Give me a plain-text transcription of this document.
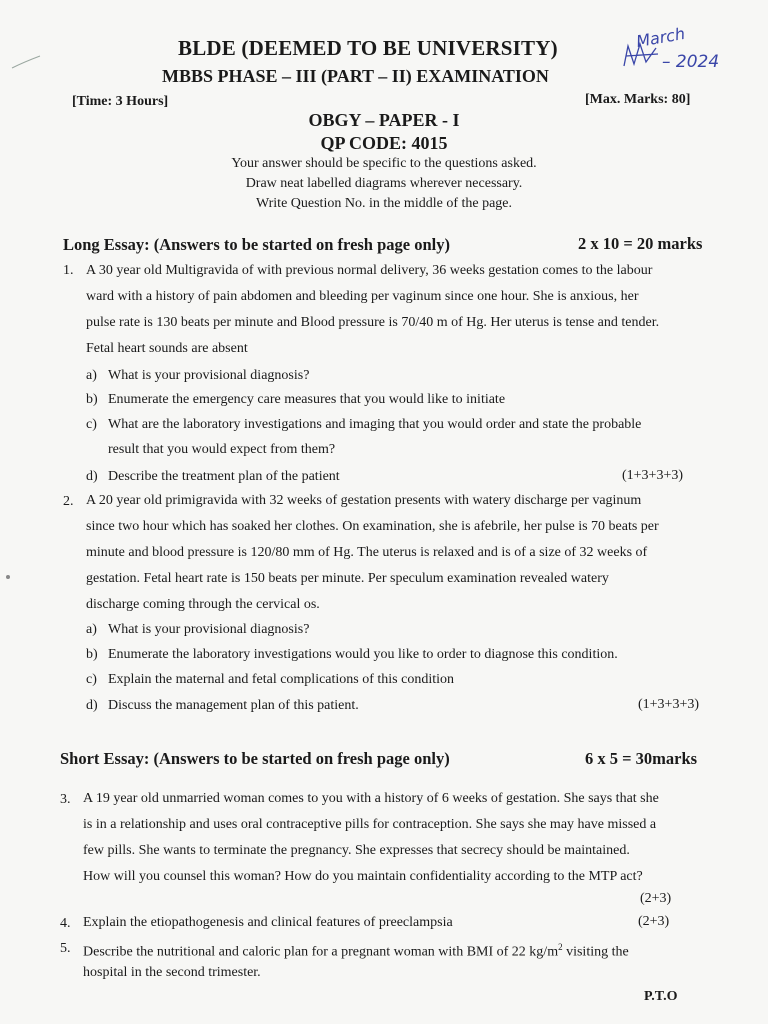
BLDE (DEEMED TO BE UNIVERSITY)
MBBS PHASE – III (PART – II) EXAMINATION
[Time: 3 Hours]	[Max. Marks: 80]
OBGY – PAPER - I
QP CODE: 4015
March
– 2024
Your answer should be specific to the questions asked.
Draw neat labelled diagrams wherever necessary.
Write Question No. in the middle of the page.
Long Essay: (Answers to be started on fresh page only)	2 x 10 = 20 marks
1. A 30 year old Multigravida of with previous normal delivery, 36 weeks gestation comes to the labour
ward with a history of pain abdomen and bleeding per vaginum since one hour. She is anxious, her
pulse rate is 130 beats per minute and Blood pressure is 70/40 m of Hg. Her uterus is tense and tender.
Fetal heart sounds are absent
a) What is your provisional diagnosis?
b) Enumerate the emergency care measures that you would like to initiate
c) What are the laboratory investigations and imaging that you would order and state the probable
result that you would expect from them?
d) Describe the treatment plan of the patient	(1+3+3+3)
2. A 20 year old primigravida with 32 weeks of gestation presents with watery discharge per vaginum
since two hour which has soaked her clothes. On examination, she is afebrile, her pulse is 70 beats per
minute and blood pressure is 120/80 mm of Hg. The uterus is relaxed and is of a size of 32 weeks of
gestation. Fetal heart rate is 150 beats per minute. Per speculum examination revealed watery
discharge coming through the cervical os.
a) What is your provisional diagnosis?
b) Enumerate the laboratory investigations would you like to order to diagnose this condition.
c) Explain the maternal and fetal complications of this condition
d) Discuss the management plan of this patient.	(1+3+3+3)
Short Essay: (Answers to be started on fresh page only)	6 x 5 = 30marks
3. A 19 year old unmarried woman comes to you with a history of 6 weeks of gestation. She says that she
is in a relationship and uses oral contraceptive pills for contraception. She says she may have missed a
few pills. She wants to terminate the pregnancy. She expresses that secrecy should be maintained.
How will you counsel this woman? How do you maintain confidentiality according to the MTP act?
(2+3)
4. Explain the etiopathogenesis and clinical features of preeclampsia	(2+3)
5. Describe the nutritional and caloric plan for a pregnant woman with BMI of 22 $kg/m^2$ visiting the
hospital in the second trimester.
P.T.O
